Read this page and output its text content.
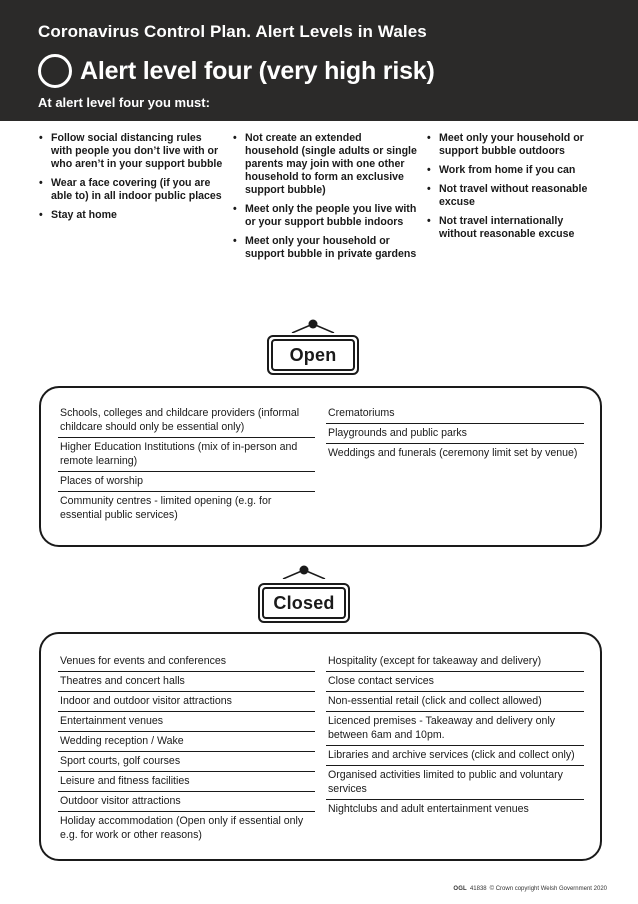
Coronavirus Control Plan. Alert Levels in Wales
Alert level four (very high risk)
At alert level four you must:
• Follow social distancing rules with people you don’t live with or who aren’t in your support bubble
• Wear a face covering (if you are able to) in all indoor public places
• Stay at home
• Not create an extended household (single adults or single parents may join with one other household to form an exclusive support bubble)
• Meet only the people you live with or your support bubble indoors
• Meet only your household or support bubble in private gardens
• Meet only your household or support bubble outdoors
• Work from home if you can
• Not travel without reasonable excuse
• Not travel internationally without reasonable excuse
Open
Schools, colleges and childcare providers (informal childcare should only be essential only)
Higher Education Institutions (mix of in-person and remote learning)
Places of worship
Community centres - limited opening (e.g. for essential public services)
Crematoriums
Playgrounds and public parks
Weddings and funerals (ceremony limit set by venue)
Closed
Venues for events and conferences
Theatres and concert halls
Indoor and outdoor visitor attractions
Entertainment venues
Wedding reception / Wake
Sport courts, golf courses
Leisure and fitness facilities
Outdoor visitor attractions
Holiday accommodation (Open only if essential only e.g. for work or other reasons)
Hospitality (except for takeaway and delivery)
Close contact services
Non-essential retail (click and collect allowed)
Licenced premises - Takeaway and delivery only between 6am and 10pm.
Libraries and archive services (click and collect only)
Organised activities limited to public and voluntary services
Nightclubs and adult entertainment venues
OGL 41838 © Crown copyright Welsh Government 2020
